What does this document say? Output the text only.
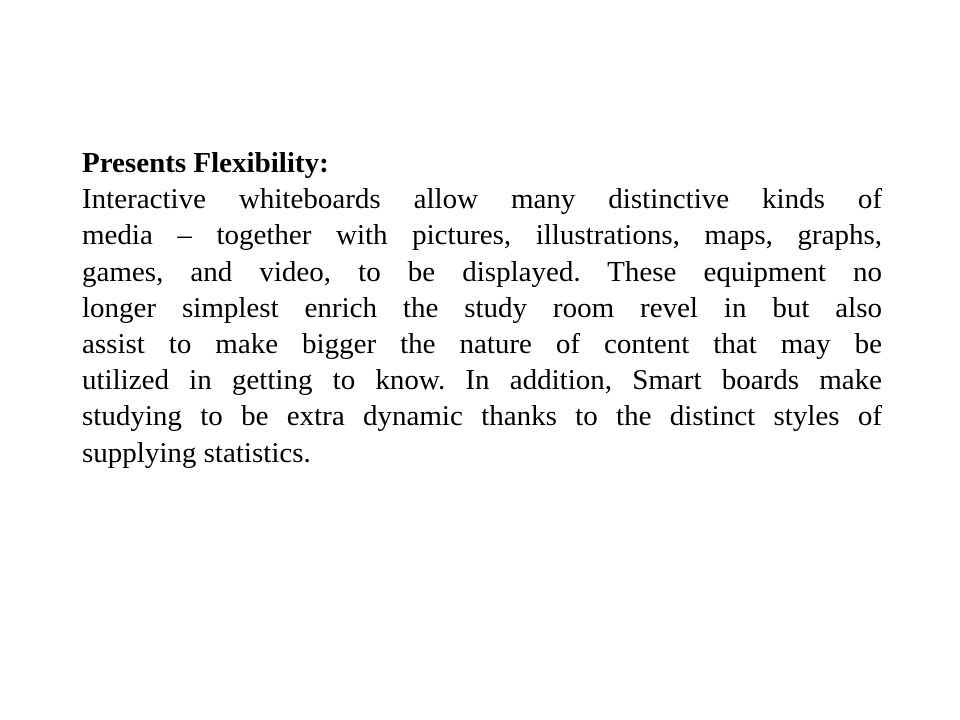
Presents Flexibility:
Interactive whiteboards allow many distinctive kinds of
media – together with pictures, illustrations, maps, graphs,
games, and video, to be displayed. These equipment no
longer simplest enrich the study room revel in but also
assist to make bigger the nature of content that may be
utilized in getting to know. In addition, Smart boards make
studying to be extra dynamic thanks to the distinct styles of
supplying statistics.
